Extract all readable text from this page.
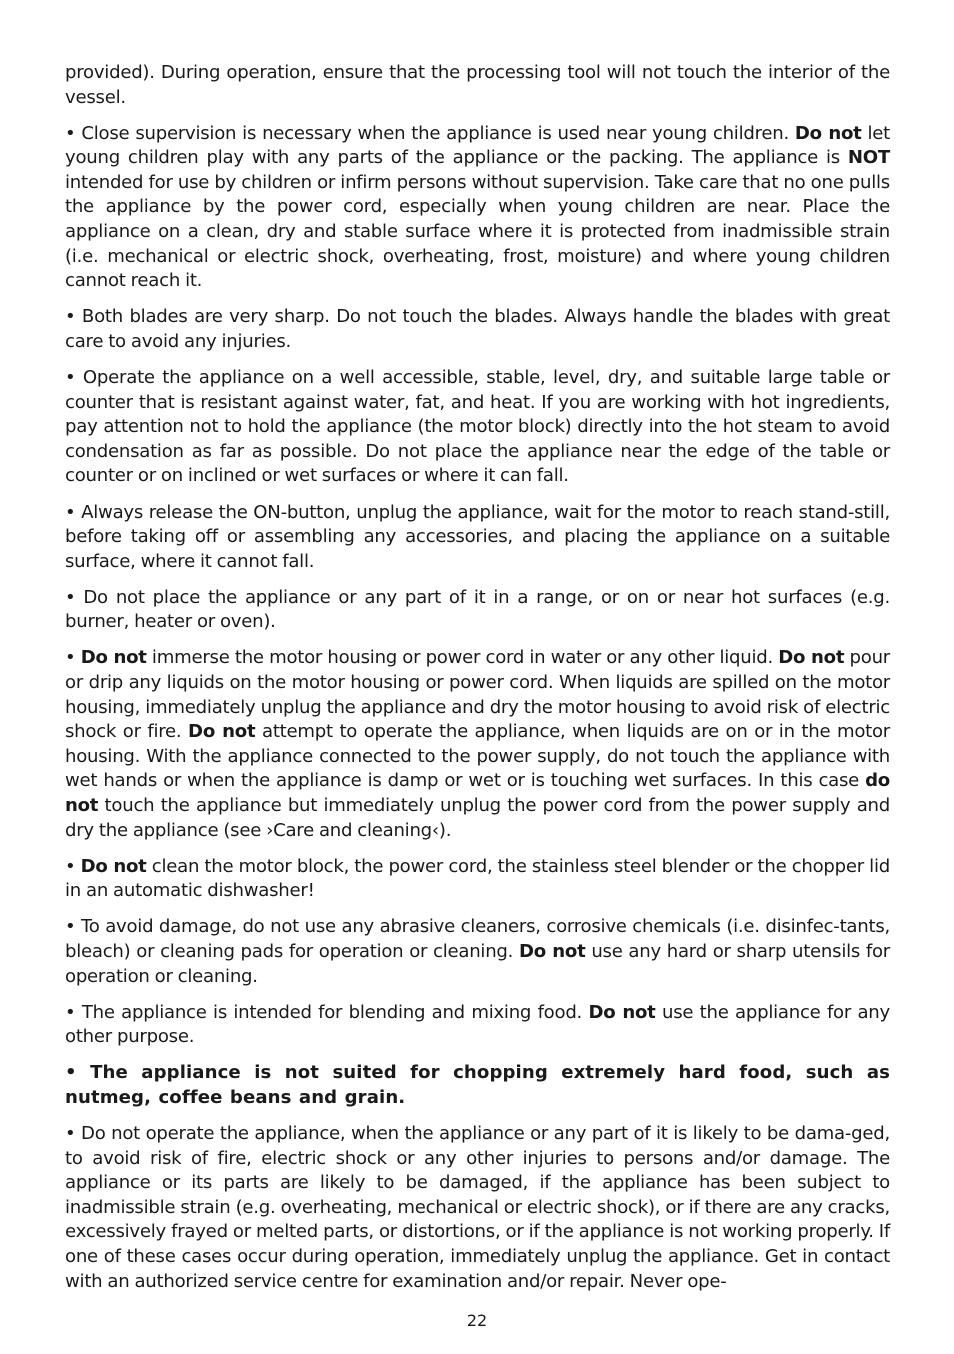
provided). During operation, ensure that the processing tool will not touch the interior of the vessel.

• Close supervision is necessary when the appliance is used near young children. Do not let young children play with any parts of the appliance or the packing. The appliance is NOT intended for use by children or infirm persons without supervision. Take care that no one pulls the appliance by the power cord, especially when young children are near. Place the appliance on a clean, dry and stable surface where it is protected from inadmissible strain (i.e. mechanical or electric shock, overheating, frost, moisture) and where young children cannot reach it.

• Both blades are very sharp. Do not touch the blades. Always handle the blades with great care to avoid any injuries.

• Operate the appliance on a well accessible, stable, level, dry, and suitable large table or counter that is resistant against water, fat, and heat. If you are working with hot ingredients, pay attention not to hold the appliance (the motor block) directly into the hot steam to avoid condensation as far as possible. Do not place the appliance near the edge of the table or counter or on inclined or wet surfaces or where it can fall.

• Always release the ON-button, unplug the appliance, wait for the motor to reach stand-still, before taking off or assembling any accessories, and placing the appliance on a suitable surface, where it cannot fall.

• Do not place the appliance or any part of it in a range, or on or near hot surfaces (e.g. burner, heater or oven).

• Do not immerse the motor housing or power cord in water or any other liquid. Do not pour or drip any liquids on the motor housing or power cord. When liquids are spilled on the motor housing, immediately unplug the appliance and dry the motor housing to avoid risk of electric shock or fire. Do not attempt to operate the appliance, when liquids are on or in the motor housing. With the appliance connected to the power supply, do not touch the appliance with wet hands or when the appliance is damp or wet or is touching wet surfaces. In this case do not touch the appliance but immediately unplug the power cord from the power supply and dry the appliance (see ›Care and cleaning‹).

• Do not clean the motor block, the power cord, the stainless steel blender or the chopper lid in an automatic dishwasher!

• To avoid damage, do not use any abrasive cleaners, corrosive chemicals (i.e. disinfec-tants, bleach) or cleaning pads for operation or cleaning. Do not use any hard or sharp utensils for operation or cleaning.

• The appliance is intended for blending and mixing food. Do not use the appliance for any other purpose.

• The appliance is not suited for chopping extremely hard food, such as nutmeg, coffee beans and grain.

• Do not operate the appliance, when the appliance or any part of it is likely to be dama-ged, to avoid risk of fire, electric shock or any other injuries to persons and/or damage. The appliance or its parts are likely to be damaged, if the appliance has been subject to inadmissible strain (e.g. overheating, mechanical or electric shock), or if there are any cracks, excessively frayed or melted parts, or distortions, or if the appliance is not working properly. If one of these cases occur during operation, immediately unplug the appliance. Get in contact with an authorized service centre for examination and/or repair. Never ope-

22
